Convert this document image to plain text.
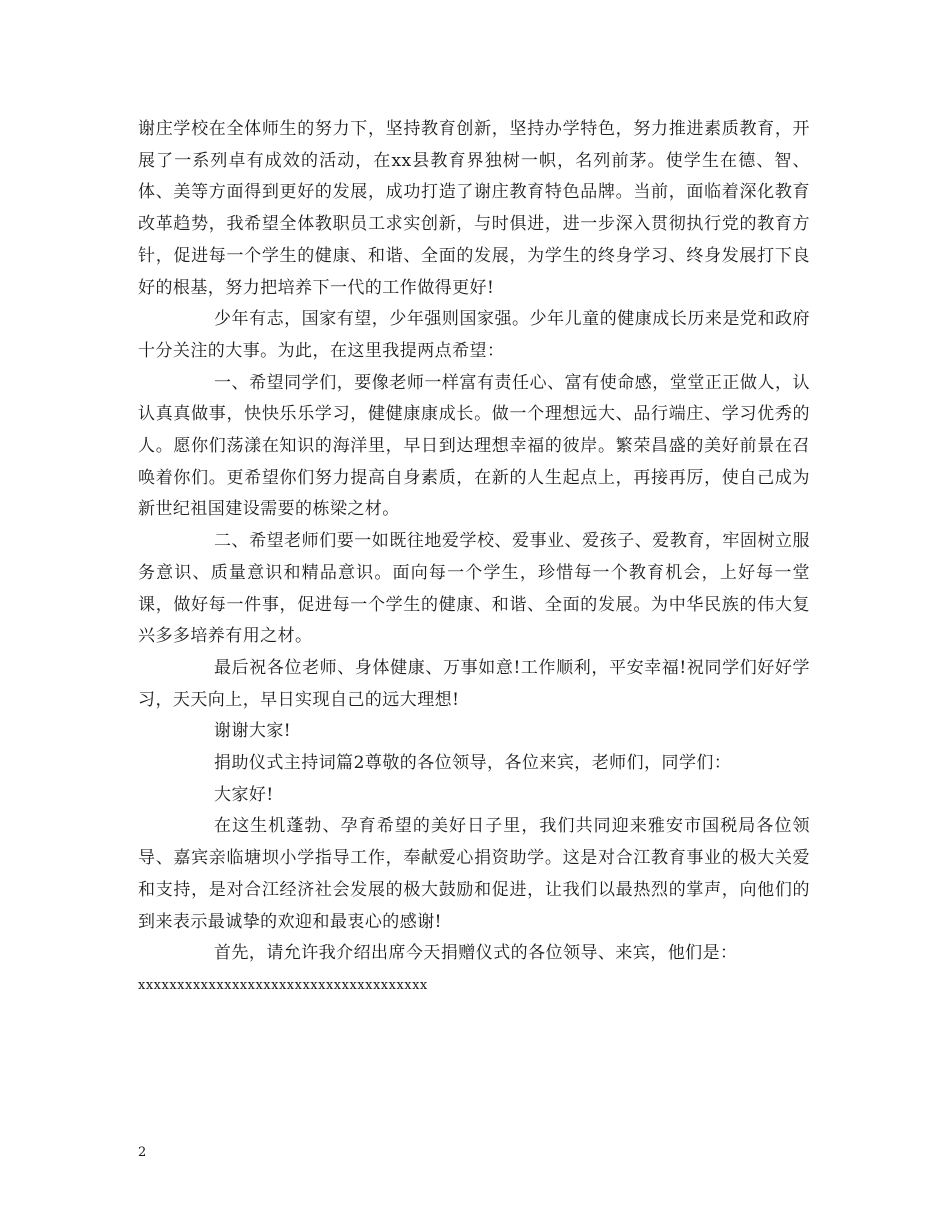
谢庄学校在全体师生的努力下，坚持教育创新，坚持办学特色，努力推进素质教育，开展了一系列卓有成效的活动，在xx县教育界独树一帜，名列前茅。使学生在德、智、体、美等方面得到更好的发展，成功打造了谢庄教育特色品牌。当前，面临着深化教育改革趋势，我希望全体教职员工求实创新，与时俱进，进一步深入贯彻执行党的教育方针，促进每一个学生的健康、和谐、全面的发展，为学生的终身学习、终身发展打下良好的根基，努力把培养下一代的工作做得更好!

少年有志，国家有望，少年强则国家强。少年儿童的健康成长历来是党和政府十分关注的大事。为此，在这里我提两点希望：

一、希望同学们，要像老师一样富有责任心、富有使命感，堂堂正正做人，认认真真做事，快快乐乐学习，健健康康成长。做一个理想远大、品行端庄、学习优秀的人。愿你们荡漾在知识的海洋里，早日到达理想幸福的彼岸。繁荣昌盛的美好前景在召唤着你们。更希望你们努力提高自身素质，在新的人生起点上，再接再厉，使自己成为新世纪祖国建设需要的栋梁之材。

二、希望老师们要一如既往地爱学校、爱事业、爱孩子、爱教育，牢固树立服务意识、质量意识和精品意识。面向每一个学生，珍惜每一个教育机会，上好每一堂课，做好每一件事，促进每一个学生的健康、和谐、全面的发展。为中华民族的伟大复兴多多培养有用之材。

最后祝各位老师、身体健康、万事如意!工作顺利，平安幸福!祝同学们好好学习，天天向上，早日实现自己的远大理想!

谢谢大家!

捐助仪式主持词篇2尊敬的各位领导，各位来宾，老师们，同学们：

大家好!

在这生机蓬勃、孕育希望的美好日子里，我们共同迎来雅安市国税局各位领导、嘉宾亲临塘坝小学指导工作，奉献爱心捐资助学。这是对合江教育事业的极大关爱和支持，是对合江经济社会发展的极大鼓励和促进，让我们以最热烈的掌声，向他们的到来表示最诚挚的欢迎和最衷心的感谢!

首先，请允许我介绍出席今天捐赠仪式的各位领导、来宾，他们是：

xxxxxxxxxxxxxxxxxxxxxxxxxxxxxxxxxxxxx

2
